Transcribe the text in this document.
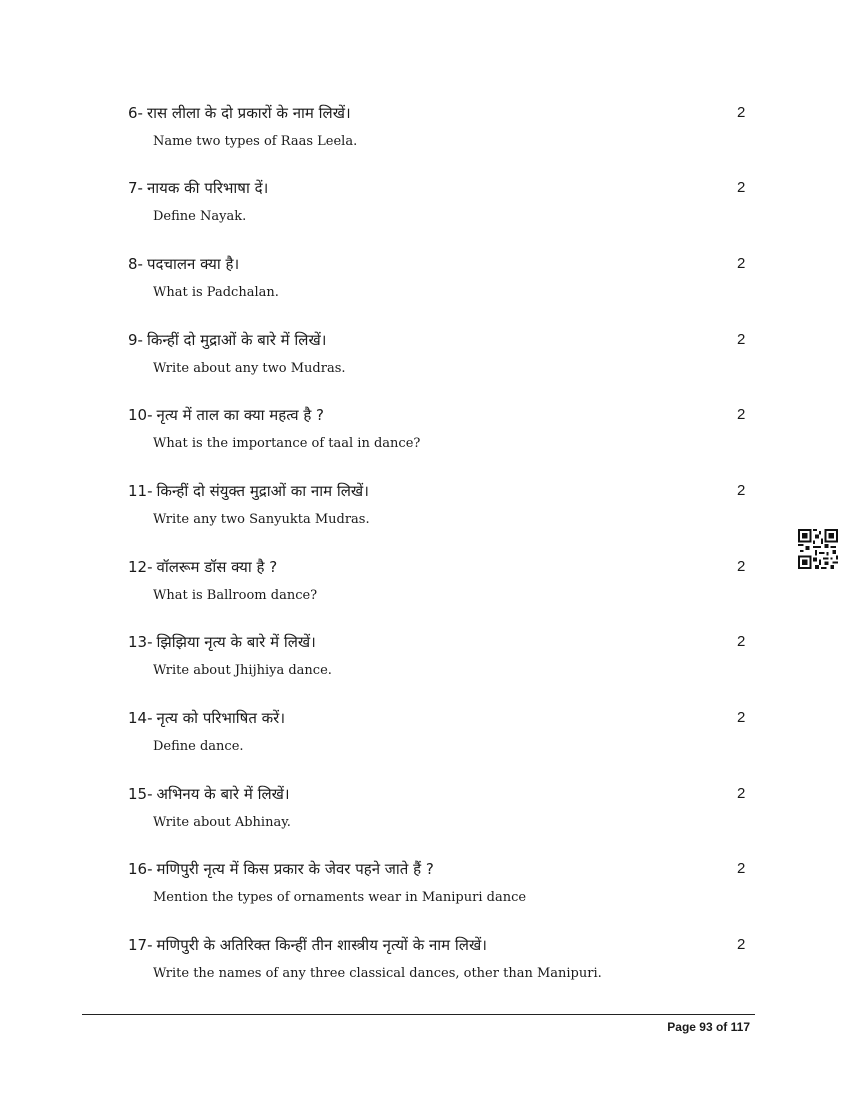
6- रास लीला के दो प्रकारों के नाम लिखें।
Name two types of Raas Leela.
2
7- नायक की परिभाषा दें।
Define Nayak.
2
8- पदचालन क्या है।
What is Padchalan.
2
9- किन्हीं दो मुद्राओं के बारे में लिखें।
Write about any two Mudras.
2
10- नृत्य में ताल का क्या महत्व है ?
What is the importance of taal in dance?
2
11- किन्हीं दो संयुक्त मुद्राओं का नाम लिखें।
Write any two Sanyukta Mudras.
2
12- वॉलरूम डॉस क्या है ?
What is Ballroom dance?
2
13- झिझिया नृत्य के बारे में लिखें।
Write about Jhijhiya dance.
2
14- नृत्य को परिभाषित करें।
Define dance.
2
15- अभिनय के बारे में लिखें।
Write about Abhinay.
2
16- मणिपुरी नृत्य में किस प्रकार के जेवर पहने जाते हैं ?
Mention the types of ornaments wear in Manipuri dance
2
17- मणिपुरी के अतिरिक्त किन्हीं तीन शास्त्रीय नृत्यों के नाम लिखें।
Write the names of any three classical dances, other than Manipuri.
2
Page 93 of 117
